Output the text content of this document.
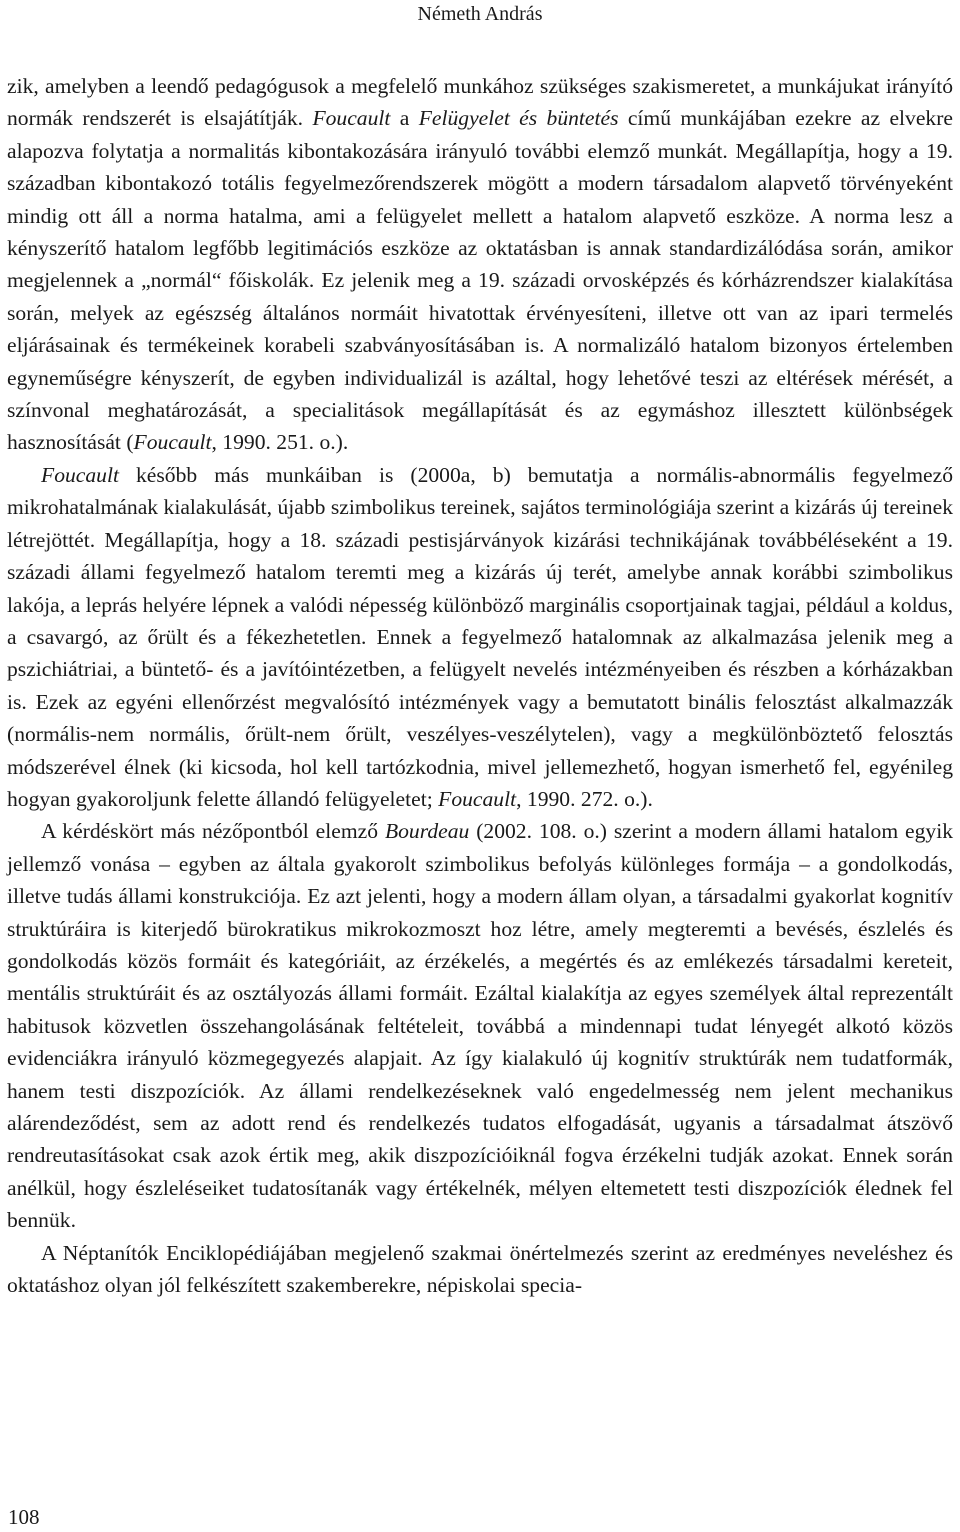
Németh András

zik, amelyben a leendő pedagógusok a megfelelő munkához szükséges szakismeretet, a munkájukat irányító normák rendszerét is elsajátítják. Foucault a Felügyelet és büntetés című munkájában ezekre az elvekre alapozva folytatja a normalitás kibontakozására irányuló további elemző munkát. Megállapítja, hogy a 19. században kibontakozó totális fegyelmezőrendszerek mögött a modern társadalom alapvető törvényeként mindig ott áll a norma hatalma, ami a felügyelet mellett a hatalom alapvető eszköze. A norma lesz a kényszerítő hatalom legfőbb legitimációs eszköze az oktatásban is annak standardizálódása során, amikor megjelennek a „normál“ főiskolák. Ez jelenik meg a 19. századi orvosképzés és kórházrendszer kialakítása során, melyek az egészség általános normáit hivatottak érvényesíteni, illetve ott van az ipari termelés eljárásainak és termékeinek korabeli szabványosításában is. A normalizáló hatalom bizonyos értelemben egyneműségre kényszerít, de egyben individualizál is azáltal, hogy lehetővé teszi az eltérések mérését, a színvonal meghatározását, a specialitások megállapítását és az egymáshoz illesztett különbségek hasznosítását (Foucault, 1990. 251. o.).

Foucault később más munkáiban is (2000a, b) bemutatja a normális-abnormális fegyelmező mikrohatalmának kialakulását, újabb szimbolikus tereinek, sajátos terminológiája szerint a kizárás új tereinek létrejöttét. Megállapítja, hogy a 18. századi pestisjárványok kizárási technikájának továbbéléseként a 19. századi állami fegyelmező hatalom teremti meg a kizárás új terét, amelybe annak korábbi szimbolikus lakója, a leprás helyére lépnek a valódi népesség különböző marginális csoportjainak tagjai, például a koldus, a csavargó, az őrült és a fékezhetetlen. Ennek a fegyelmező hatalomnak az alkalmazása jelenik meg a pszichiátriai, a büntető- és a javítóintézetben, a felügyelt nevelés intézményeiben és részben a kórházakban is. Ezek az egyéni ellenőrzést megvalósító intézmények vagy a bemutatott binális felosztást alkalmazzák (normális-nem normális, őrült-nem őrült, veszélyes-veszélytelen), vagy a megkülönböztető felosztás módszerével élnek (ki kicsoda, hol kell tartózkodnia, mivel jellemezhető, hogyan ismerhető fel, egyénileg hogyan gyakoroljunk felette állandó felügyeletet; Foucault, 1990. 272. o.).

A kérdéskört más nézőpontból elemző Bourdeau (2002. 108. o.) szerint a modern állami hatalom egyik jellemző vonása – egyben az általa gyakorolt szimbolikus befolyás különleges formája – a gondolkodás, illetve tudás állami konstrukciója. Ez azt jelenti, hogy a modern állam olyan, a társadalmi gyakorlat kognitív struktúráira is kiterjedő bürokratikus mikrokozmoszt hoz létre, amely megteremti a bevésés, észlelés és gondolkodás közös formáit és kategóriáit, az érzékelés, a megértés és az emlékezés társadalmi kereteit, mentális struktúráit és az osztályozás állami formáit. Ezáltal kialakítja az egyes személyek által reprezentált habitusok közvetlen összehangolásának feltételeit, továbbá a mindennapi tudat lényegét alkotó közös evidenciákra irányuló közmegegyezés alapjait. Az így kialakuló új kognitív struktúrák nem tudatformák, hanem testi diszpozíciók. Az állami rendelkezéseknek való engedelmesség nem jelent mechanikus alárendeződést, sem az adott rend és rendelkezés tudatos elfogadását, ugyanis a társadalmat átszövő rendreutasításokat csak azok értik meg, akik diszpozícióiknál fogva érzékelni tudják azokat. Ennek során anélkül, hogy észleléseiket tudatosítanák vagy értékelnék, mélyen eltemetett testi diszpozíciók élednek fel bennük.

A Néptanítók Enciklopédiájában megjelenő szakmai önértelmezés szerint az eredményes neveléshez és oktatáshoz olyan jól felkészített szakemberekre, népiskolai specia-

108
